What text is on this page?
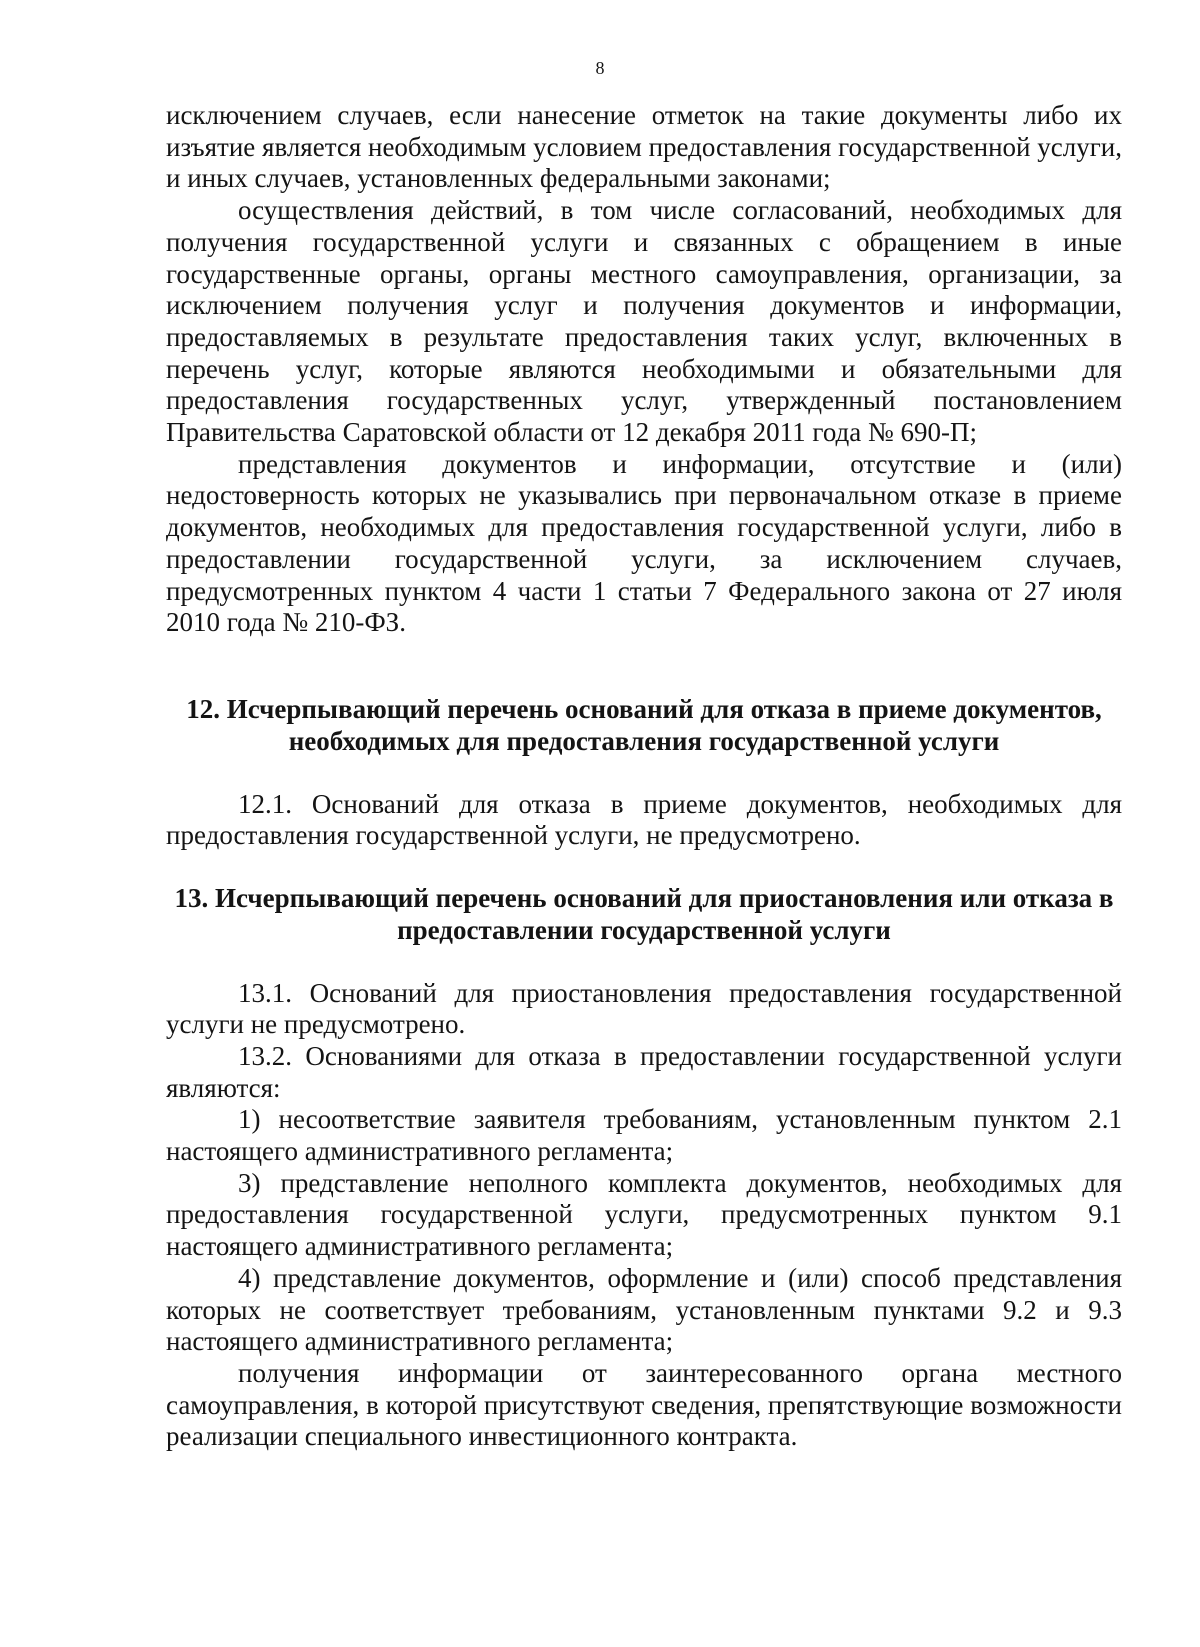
8

исключением случаев, если нанесение отметок на такие документы либо их изъятие является необходимым условием предоставления государственной услуги, и иных случаев, установленных федеральными законами;

осуществления действий, в том числе согласований, необходимых для получения государственной услуги и связанных с обращением в иные государственные органы, органы местного самоуправления, организации, за исключением получения услуг и получения документов и информации, предоставляемых в результате предоставления таких услуг, включенных в перечень услуг, которые являются необходимыми и обязательными для предоставления государственных услуг, утвержденный постановлением Правительства Саратовской области от 12 декабря 2011 года № 690-П;

представления документов и информации, отсутствие и (или) недостоверность которых не указывались при первоначальном отказе в приеме документов, необходимых для предоставления государственной услуги, либо в предоставлении государственной услуги, за исключением случаев, предусмотренных пунктом 4 части 1 статьи 7 Федерального закона от 27 июля 2010 года № 210-ФЗ.

12. Исчерпывающий перечень оснований для отказа в приеме документов, необходимых для предоставления государственной услуги

12.1. Оснований для отказа в приеме документов, необходимых для предоставления государственной услуги, не предусмотрено.

13. Исчерпывающий перечень оснований для приостановления или отказа в предоставлении государственной услуги

13.1. Оснований для приостановления предоставления государственной услуги не предусмотрено.

13.2. Основаниями для отказа в предоставлении государственной услуги являются:

1) несоответствие заявителя требованиям, установленным пунктом 2.1 настоящего административного регламента;

3) представление неполного комплекта документов, необходимых для предоставления государственной услуги, предусмотренных пунктом 9.1 настоящего административного регламента;

4) представление документов, оформление и (или) способ представления которых не соответствует требованиям, установленным пунктами 9.2 и 9.3 настоящего административного регламента;

получения информации от заинтересованного органа местного самоуправления, в которой присутствуют сведения, препятствующие возможности реализации специального инвестиционного контракта.
